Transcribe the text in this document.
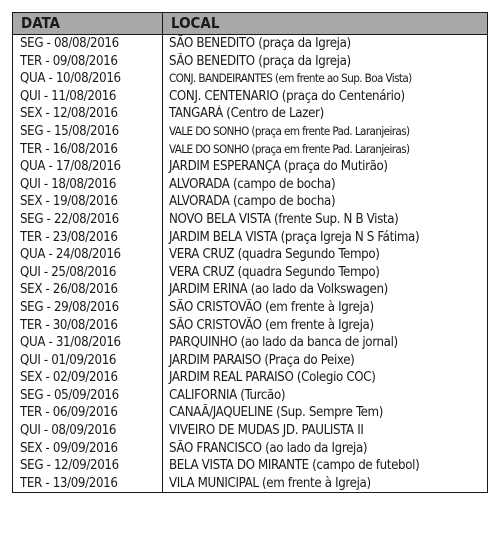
DATA	LOCAL
SEG - 08/08/2016	SÃO BENEDITO (praça da Igreja)
TER - 09/08/2016	SÃO BENEDITO (praça da Igreja)
QUA - 10/08/2016	CONJ. BANDEIRANTES (em frente ao Sup. Boa Vista)
QUI - 11/08/2016	CONJ. CENTENARIO (praça do Centenário)
SEX - 12/08/2016	TANGARÁ (Centro de Lazer)
SEG - 15/08/2016	VALE DO SONHO (praça em frente Pad. Laranjeiras)
TER - 16/08/2016	VALE DO SONHO (praça em frente Pad. Laranjeiras)
QUA - 17/08/2016	JARDIM ESPERANÇA (praça do Mutirão)
QUI - 18/08/2016	ALVORADA (campo de bocha)
SEX - 19/08/2016	ALVORADA (campo de bocha)
SEG - 22/08/2016	NOVO BELA VISTA (frente Sup. N B Vista)
TER - 23/08/2016	JARDIM BELA VISTA (praça Igreja N S Fátima)
QUA - 24/08/2016	VERA CRUZ (quadra Segundo Tempo)
QUI - 25/08/2016	VERA CRUZ (quadra Segundo Tempo)
SEX - 26/08/2016	JARDIM ERINA (ao lado da Volkswagen)
SEG - 29/08/2016	SÃO CRISTOVÃO (em frente à Igreja)
TER - 30/08/2016	SÃO CRISTOVÃO (em frente à Igreja)
QUA - 31/08/2016	PARQUINHO (ao lado da banca de jornal)
QUI - 01/09/2016	JARDIM PARAISO (Praça do Peixe)
SEX - 02/09/2016	JARDIM REAL PARAISO (Colegio COC)
SEG - 05/09/2016	CALIFORNIA (Turcão)
TER - 06/09/2016	CANAÃ/JAQUELINE (Sup. Sempre Tem)
QUI - 08/09/2016	VIVEIRO DE MUDAS JD. PAULISTA II
SEX - 09/09/2016	SÃO FRANCISCO (ao lado da Igreja)
SEG - 12/09/2016	BELA VISTA DO MIRANTE (campo de futebol)
TER - 13/09/2016	VILA MUNICIPAL (em frente à Igreja)
